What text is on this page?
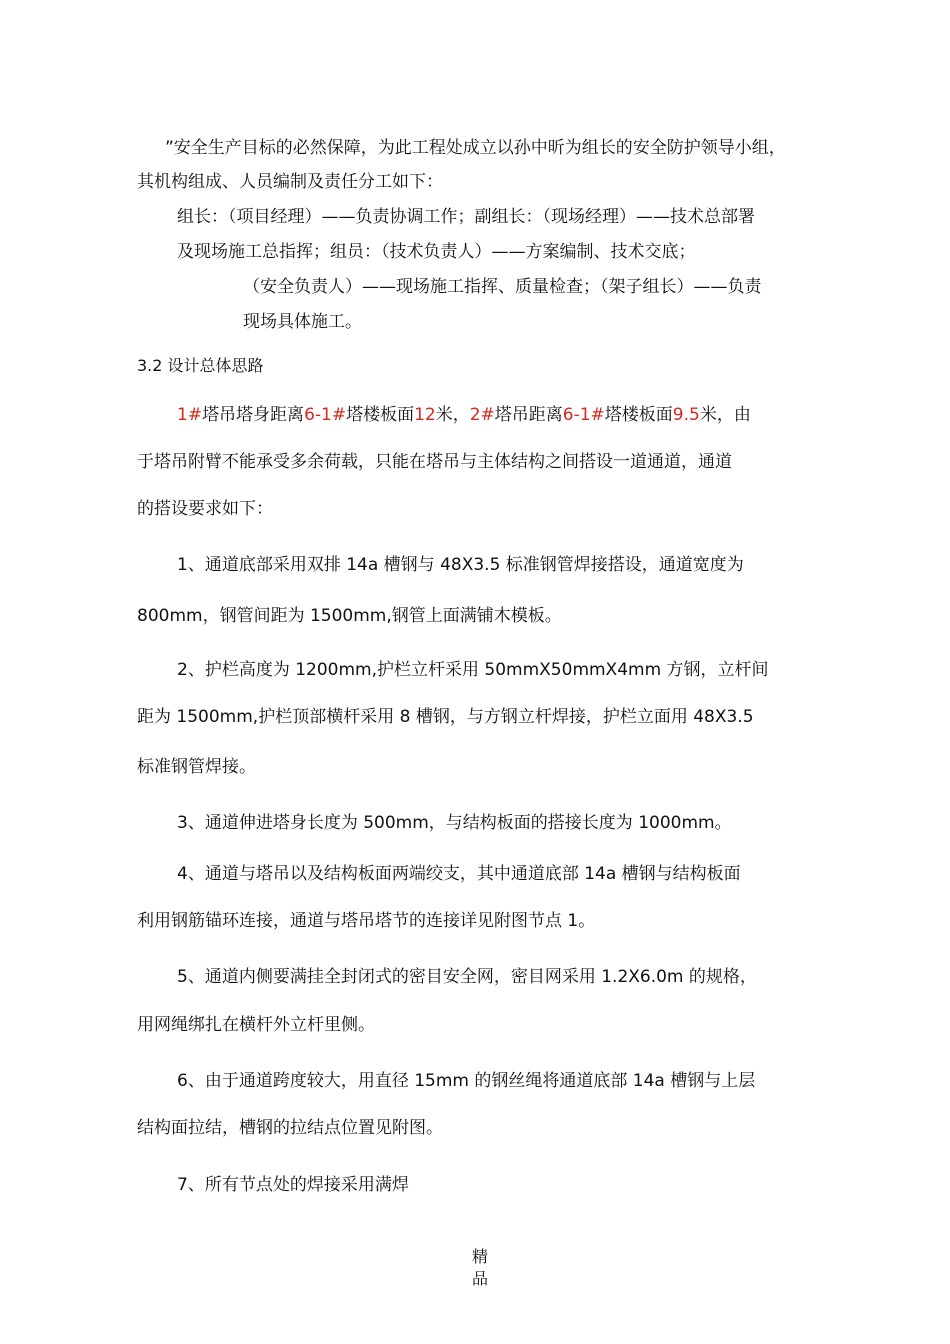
”安全生产目标的必然保障，为此工程处成立以孙中昕为组长的安全防护领导小组，
其机构组成、人员编制及责任分工如下：
组长：（项目经理）——负责协调工作；副组长：（现场经理）——技术总部署
及现场施工总指挥；组员：（技术负责人）——方案编制、技术交底；
（安全负责人）——现场施工指挥、质量检查；（架子组长）——负责
现场具体施工。
3.2 设计总体思路
1#塔吊塔身距离6-1#塔楼板面12米，2#塔吊距离6-1#塔楼板面9.5米，由
于塔吊附臂不能承受多余荷载，只能在塔吊与主体结构之间搭设一道通道，通道
的搭设要求如下：
1、通道底部采用双排 14a 槽钢与 48X3.5 标准钢管焊接搭设，通道宽度为
800mm，钢管间距为 1500mm,钢管上面满铺木模板。
2、护栏高度为 1200mm,护栏立杆采用 50mmX50mmX4mm 方钢，立杆间
距为 1500mm,护栏顶部横杆采用 8 槽钢，与方钢立杆焊接，护栏立面用 48X3.5
标准钢管焊接。
3、通道伸进塔身长度为 500mm，与结构板面的搭接长度为 1000mm。
4、通道与塔吊以及结构板面两端绞支，其中通道底部 14a 槽钢与结构板面
利用钢筋锚环连接，通道与塔吊塔节的连接详见附图节点 1。
5、通道内侧要满挂全封闭式的密目安全网，密目网采用 1.2X6.0m 的规格，
用网绳绑扎在横杆外立杆里侧。
6、由于通道跨度较大，用直径 15mm 的钢丝绳将通道底部 14a 槽钢与上层
结构面拉结，槽钢的拉结点位置见附图。
7、所有节点处的焊接采用满焊
精品
